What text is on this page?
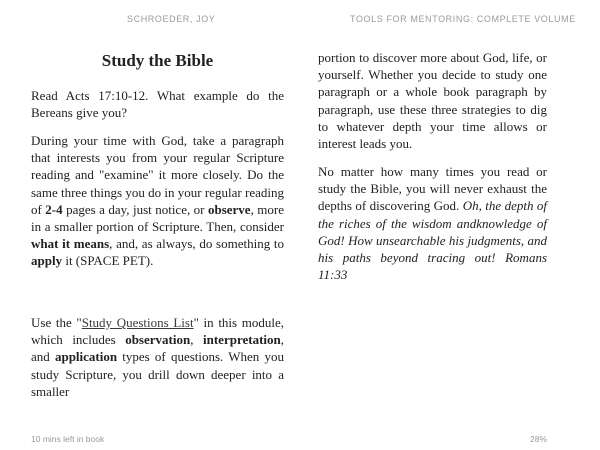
SCHROEDER, JOY	TOOLS FOR MENTORING: COMPLETE VOLUME
Study the Bible

Read Acts 17:10-12. What example do the Bereans give you?

During your time with God, take a paragraph that interests you from your regular Scripture reading and "examine" it more closely. Do the same three things you do in your regular reading of 2-4 pages a day, just notice, or observe, more in a smaller portion of Scripture. Then, consider what it means, and, as always, do something to apply it (SPACE PET).

Use the "Study Questions List" in this module, which includes observation, interpretation, and application types of questions. When you study Scripture, you drill down deeper into a smaller

portion to discover more about God, life, or yourself. Whether you decide to study one paragraph or a whole book paragraph by paragraph, use these three strategies to dig to whatever depth your time allows or interest leads you.

No matter how many times you read or study the Bible, you will never exhaust the depths of discovering God. Oh, the depth of the riches of the wisdom andknowledge of God! How unsearchable his judgments, and his paths beyond tracing out! Romans 11:33

10 mins left in book	28%
